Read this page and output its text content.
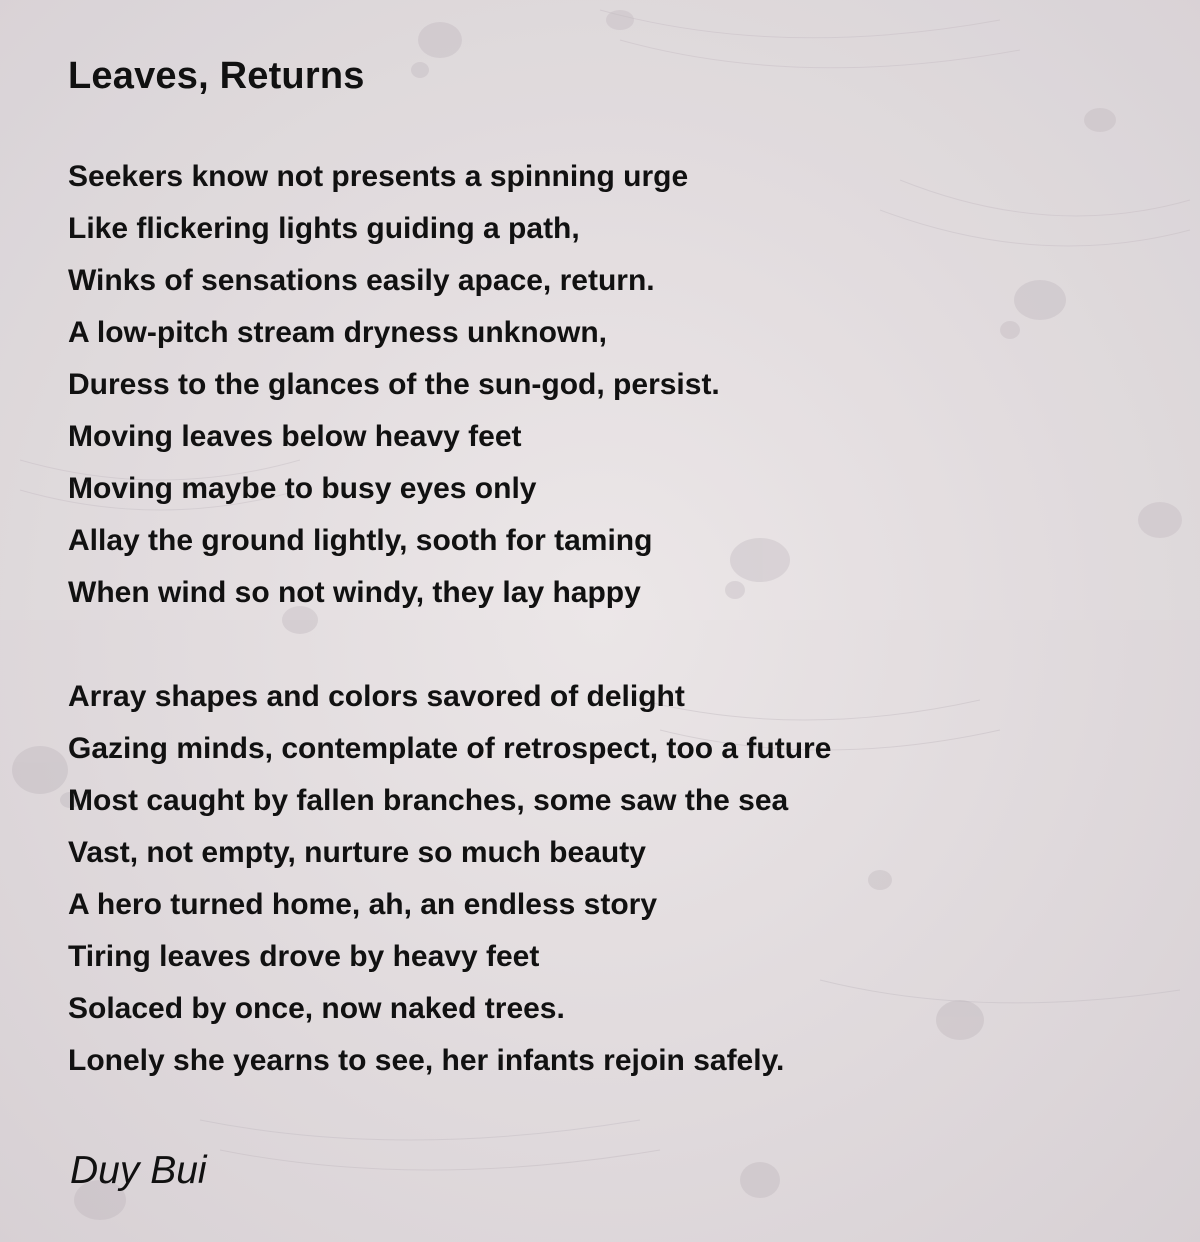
Leaves, Returns
Seekers know not presents a spinning urge
Like flickering lights guiding a path,
Winks of sensations easily apace, return.
A low-pitch stream dryness unknown,
Duress to the glances of the sun-god, persist.
Moving leaves below heavy feet
Moving maybe to busy eyes only
Allay the ground lightly, sooth for taming
When wind so not windy, they lay happy
Array shapes and colors savored of delight
Gazing minds, contemplate of retrospect, too a future
Most caught by fallen branches, some saw the sea
Vast, not empty, nurture so much beauty
A hero turned home, ah, an endless story
Tiring leaves drove by heavy feet
Solaced by once, now naked trees.
Lonely she yearns to see, her infants rejoin safely.
Duy Bui
